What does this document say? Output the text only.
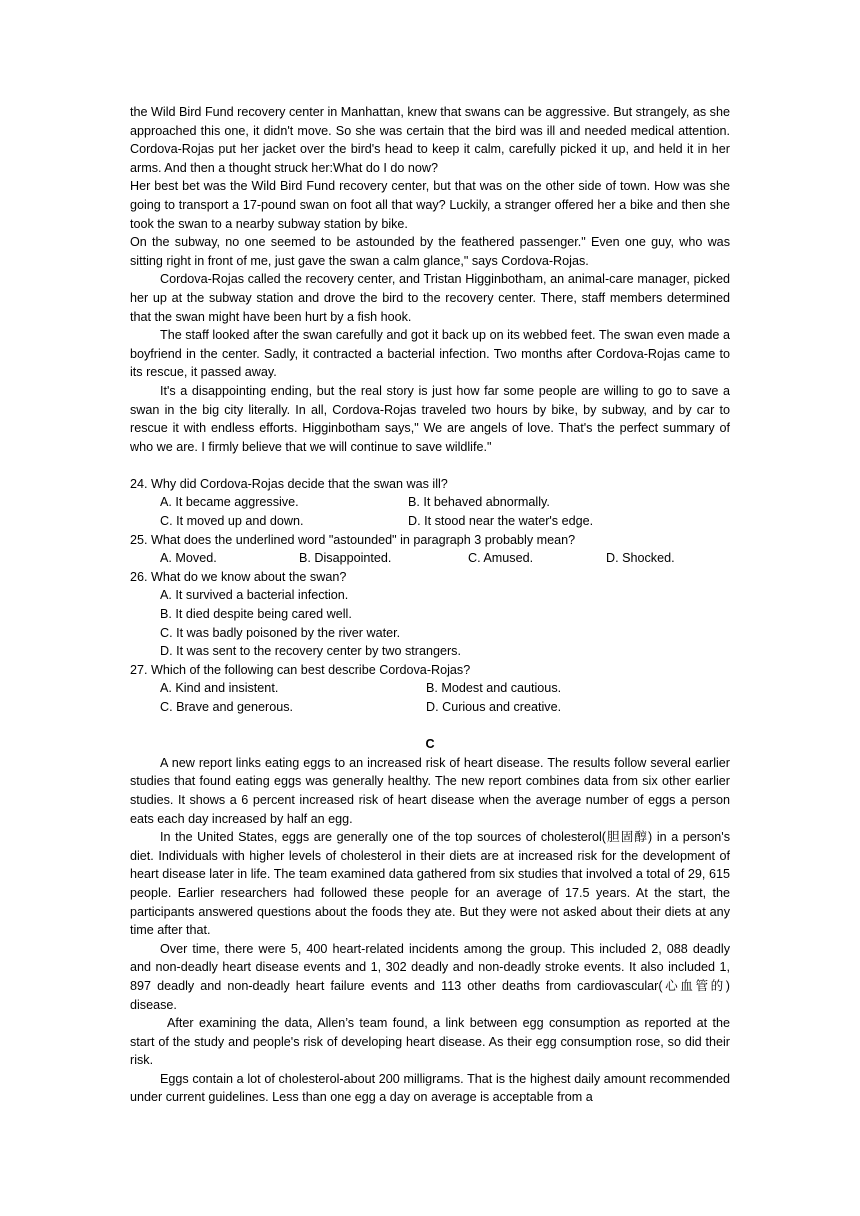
the Wild Bird Fund recovery center in Manhattan, knew that swans can be aggressive. But strangely, as she approached this one, it didn't move. So she was certain that the bird was ill and needed medical attention. Cordova-Rojas put her jacket over the bird's head to keep it calm, carefully picked it up, and held it in her arms. And then a thought struck her:What do I do now?

Her best bet was the Wild Bird Fund recovery center, but that was on the other side of town. How was she going to transport a 17-pound swan on foot all that way? Luckily, a stranger offered her a bike and then she took the swan to a nearby subway station by bike.

On the subway, no one seemed to be astounded by the feathered passenger." Even one guy, who was sitting right in front of me, just gave the swan a calm glance," says Cordova-Rojas.

Cordova-Rojas called the recovery center, and Tristan Higginbotham, an animal-care manager, picked her up at the subway station and drove the bird to the recovery center. There, staff members determined that the swan might have been hurt by a fish hook.

The staff looked after the swan carefully and got it back up on its webbed feet. The swan even made a boyfriend in the center. Sadly, it contracted a bacterial infection. Two months after Cordova-Rojas came to its rescue, it passed away.

It's a disappointing ending, but the real story is just how far some people are willing to go to save a swan in the big city literally. In all, Cordova-Rojas traveled two hours by bike, by subway, and by car to rescue it with endless efforts. Higginbotham says," We are angels of love. That's the perfect summary of who we are. I firmly believe that we will continue to save wildlife."

24. Why did Cordova-Rojas decide that the swan was ill?

A. It became aggressive.	B. It behaved abnormally.
C. It moved up and down.	D. It stood near the water's edge.

25. What does the underlined word "astounded" in paragraph 3 probably mean?

A. Moved.	B. Disappointed.	C. Amused.	D. Shocked.

26. What do we know about the swan?

A. It survived a bacterial infection.

B. It died despite being cared well.

C. It was badly poisoned by the river water.

D. It was sent to the recovery center by two strangers.

27. Which of the following can best describe Cordova-Rojas?

A. Kind and insistent.	B. Modest and cautious.
C. Brave and generous.	D. Curious and creative.

C

A new report links eating eggs to an increased risk of heart disease. The results follow several earlier studies that found eating eggs was generally healthy. The new report combines data from six other earlier studies. It shows a 6 percent increased risk of heart disease when the average number of eggs a person eats each day increased by half an egg.

In the United States, eggs are generally one of the top sources of cholesterol(胆固醇) in a person's diet. Individuals with higher levels of cholesterol in their diets are at increased risk for the development of heart disease later in life. The team examined data gathered from six studies that involved a total of 29, 615 people. Earlier researchers had followed these people for an average of 17.5 years. At the start, the participants answered questions about the foods they ate. But they were not asked about their diets at any time after that.

Over time, there were 5, 400 heart-related incidents among the group. This included 2, 088 deadly and non-deadly heart disease events and 1, 302 deadly and non-deadly stroke events. It also included 1, 897 deadly and non-deadly heart failure events and 113 other deaths from cardiovascular(心血管的) disease.

After examining the data, Allen’s team found, a link between egg consumption as reported at the start of the study and people's risk of developing heart disease. As their egg consumption rose, so did their risk.

Eggs contain a lot of cholesterol-about 200 milligrams. That is the highest daily amount recommended under current guidelines. Less than one egg a day on average is acceptable from a
